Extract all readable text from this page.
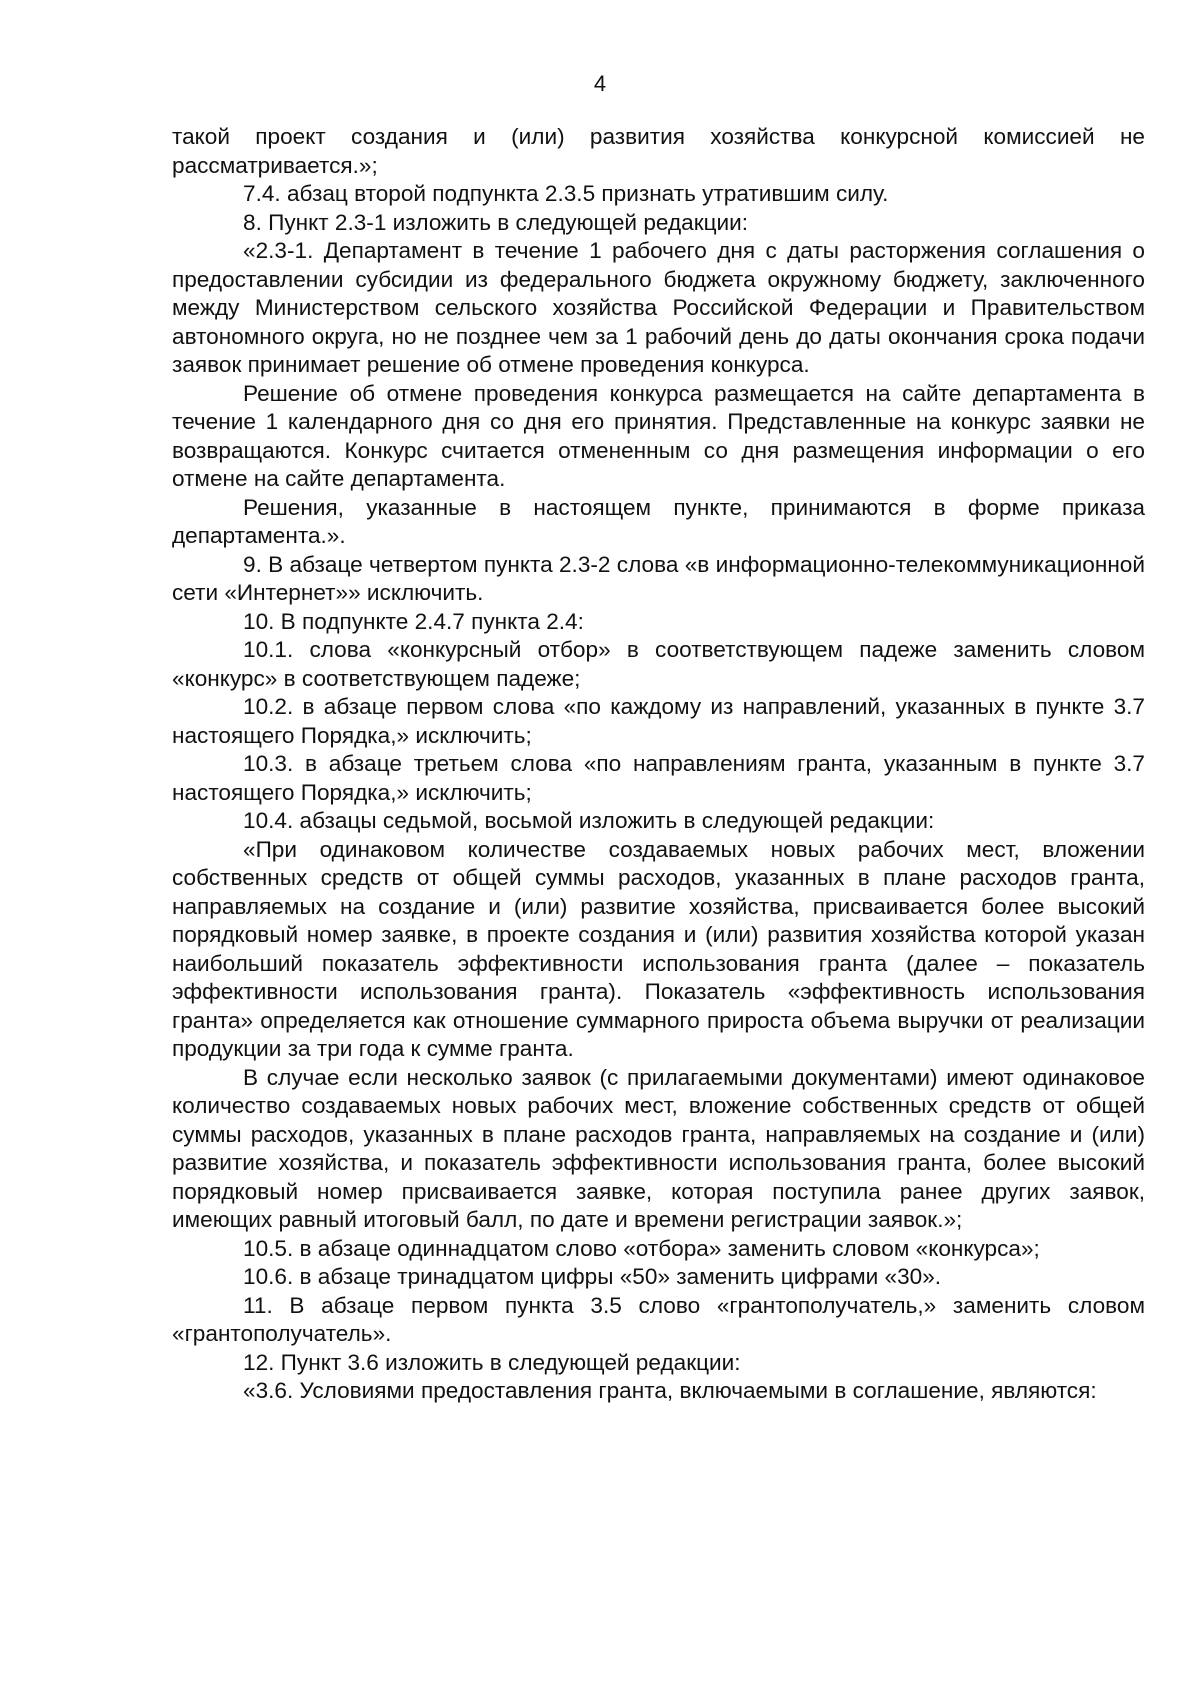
4

такой проект создания и (или) развития хозяйства конкурсной комиссией не рассматривается.»;

7.4. абзац второй подпункта 2.3.5 признать утратившим силу.

8. Пункт 2.3-1 изложить в следующей редакции:

«2.3-1. Департамент в течение 1 рабочего дня с даты расторжения соглашения о предоставлении субсидии из федерального бюджета окружному бюджету, заключенного между Министерством сельского хозяйства Российской Федерации и Правительством автономного округа, но не позднее чем за 1 рабочий день до даты окончания срока подачи заявок принимает решение об отмене проведения конкурса.

Решение об отмене проведения конкурса размещается на сайте департамента в течение 1 календарного дня со дня его принятия. Представленные на конкурс заявки не возвращаются. Конкурс считается отмененным со дня размещения информации о его отмене на сайте департамента.

Решения, указанные в настоящем пункте, принимаются в форме приказа департамента.».

9. В абзаце четвертом пункта 2.3-2 слова «в информационно-телекоммуникационной сети «Интернет»» исключить.

10. В подпункте 2.4.7 пункта 2.4:

10.1. слова «конкурсный отбор» в соответствующем падеже заменить словом «конкурс» в соответствующем падеже;

10.2. в абзаце первом слова «по каждому из направлений, указанных в пункте 3.7 настоящего Порядка,» исключить;

10.3. в абзаце третьем слова «по направлениям гранта, указанным в пункте 3.7 настоящего Порядка,» исключить;

10.4. абзацы седьмой, восьмой изложить в следующей редакции:

«При одинаковом количестве создаваемых новых рабочих мест, вложении собственных средств от общей суммы расходов, указанных в плане расходов гранта, направляемых на создание и (или) развитие хозяйства, присваивается более высокий порядковый номер заявке, в проекте создания и (или) развития хозяйства которой указан наибольший показатель эффективности использования гранта (далее – показатель эффективности использования гранта). Показатель «эффективность использования гранта» определяется как отношение суммарного прироста объема выручки от реализации продукции за три года к сумме гранта.

В случае если несколько заявок (с прилагаемыми документами) имеют одинаковое количество создаваемых новых рабочих мест, вложение собственных средств от общей суммы расходов, указанных в плане расходов гранта, направляемых на создание и (или) развитие хозяйства, и показатель эффективности использования гранта, более высокий порядковый номер присваивается заявке, которая поступила ранее других заявок, имеющих равный итоговый балл, по дате и времени регистрации заявок.»;

10.5. в абзаце одиннадцатом слово «отбора» заменить словом «конкурса»;

10.6. в абзаце тринадцатом цифры «50» заменить цифрами «30».

11. В абзаце первом пункта 3.5 слово «грантополучатель,» заменить словом «грантополучатель».

12. Пункт 3.6 изложить в следующей редакции:

«3.6. Условиями предоставления гранта, включаемыми в соглашение, являются:
